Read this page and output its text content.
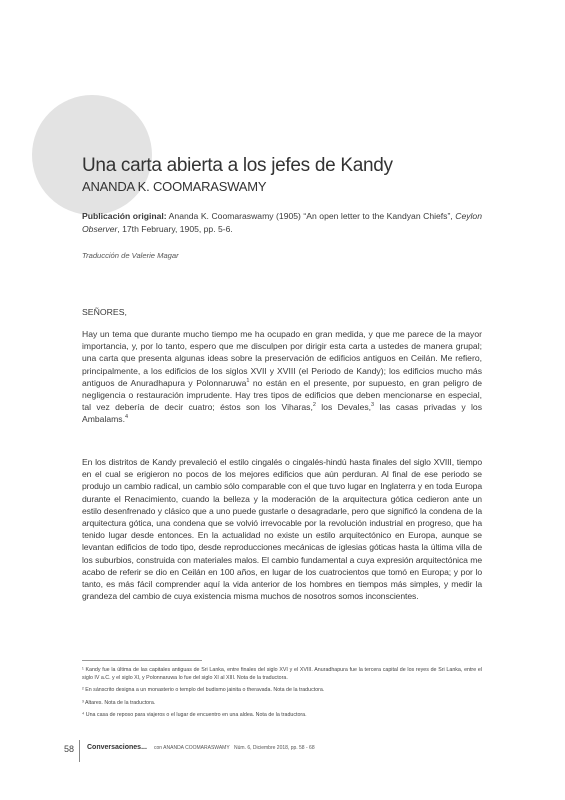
Una carta abierta a los jefes de Kandy
ANANDA K. COOMARASWAMY
Publicación original: Ananda K. Coomaraswamy (1905) “An open letter to the Kandyan Chiefs”, Ceylon Observer, 17th February, 1905, pp. 5-6.
Traducción de Valerie Magar
SEÑORES,
Hay un tema que durante mucho tiempo me ha ocupado en gran medida, y que me parece de la mayor importancia, y, por lo tanto, espero que me disculpen por dirigir esta carta a ustedes de manera grupal; una carta que presenta algunas ideas sobre la preservación de edificios antiguos en Ceilán. Me refiero, principalmente, a los edificios de los siglos XVII y XVIII (el Periodo de Kandy); los edificios mucho más antiguos de Anuradhapura y Polonnaruwa$^1$ no están en el presente, por supuesto, en gran peligro de negligencia o restauración imprudente. Hay tres tipos de edificios que deben mencionarse en especial, tal vez debería de decir cuatro; éstos son los Viharas,$^2$ los Devales,$^3$ las casas privadas y los Ambalams.$^4$
En los distritos de Kandy prevaleció el estilo cingalés o cingalés-hindú hasta finales del siglo XVIII, tiempo en el cual se erigieron no pocos de los mejores edificios que aún perduran. Al final de ese periodo se produjo un cambio radical, un cambio sólo comparable con el que tuvo lugar en Inglaterra y en toda Europa durante el Renacimiento, cuando la belleza y la moderación de la arquitectura gótica cedieron ante un estilo desenfrenado y clásico que a uno puede gustarle o desagradarle, pero que significó la condena de la arquitectura gótica, una condena que se volvió irrevocable por la revolución industrial en progreso, que ha tenido lugar desde entonces. En la actualidad no existe un estilo arquitectónico en Europa, aunque se levantan edificios de todo tipo, desde reproducciones mecánicas de iglesias góticas hasta la última villa de los suburbios, construida con materiales malos. El cambio fundamental a cuya expresión arquitectónica me acabo de referir se dio en Ceilán en 100 años, en lugar de los cuatrocientos que tomó en Europa; y por lo tanto, es más fácil comprender aquí la vida anterior de los hombres en tiempos más simples, y medir la grandeza del cambio de cuya existencia misma muchos de nosotros somos inconscientes.

¹ Kandy fue la última de las capitales antiguas de Sri Lanka, entre finales del siglo XVI y el XVIII. Anuradhapura fue la tercera capital de los reyes de Sri Lanka, entre el siglo IV a.C. y el siglo XI, y Polonnaruwa lo fue del siglo XI al XIII. Nota de la traductora.

² En sánscrito designa a un monasterio o templo del budismo jainita o theravada. Nota de la traductora.

³ Altares. Nota de la traductora.

⁴ Una casa de reposo para viajeros o el lugar de encuentro en una aldea. Nota de la traductora.

58 Conversaciones... con ANANDA COOMARASWAMY Núm. 6, Diciembre 2018, pp. 58 - 68
